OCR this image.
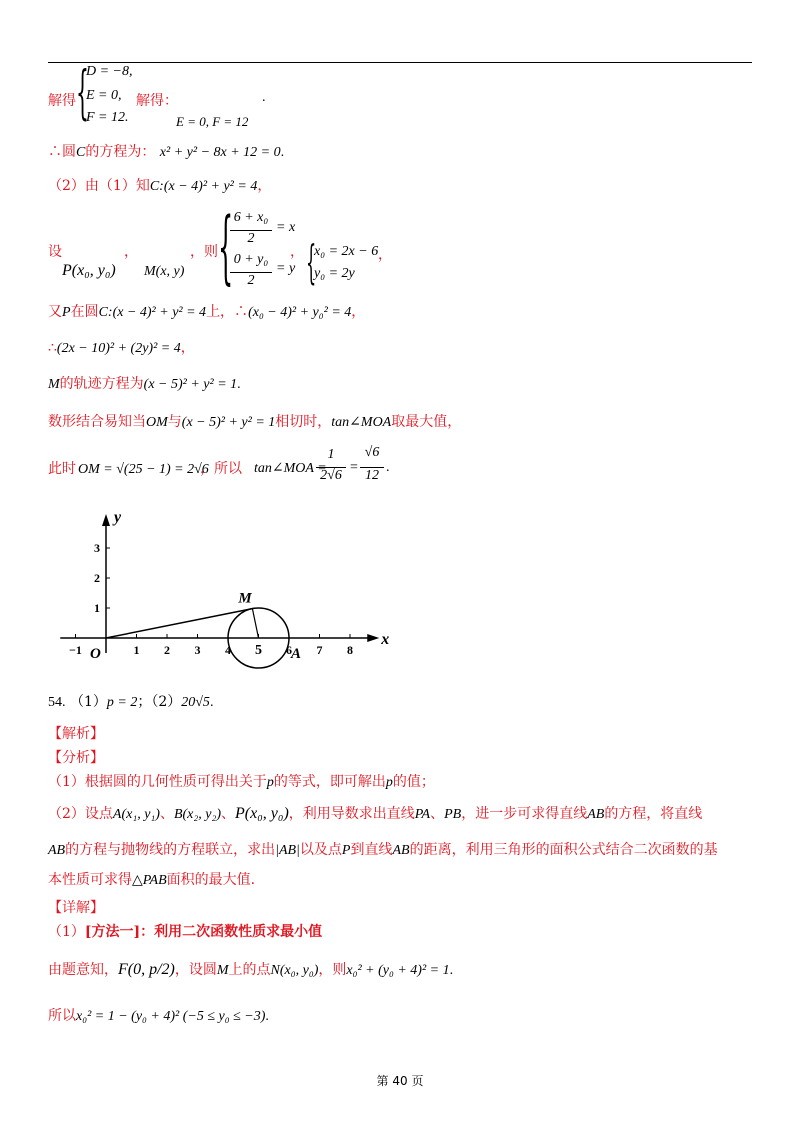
解得 {
D = −8,
E = 0,
F = 12.
解得：	.
E = 0, F = 12
∴圆C的方程为： x² + y² − 8x + 12 = 0.
（2）由（1）知C:(x − 4)² + y² = 4，
设	，	，则
P(x₀, y₀) M(x, y) { 6 + x₀
2
= x
0 + y₀
2
= y
， {
x₀ = 2x − 6
y₀ = 2y
，
又P在圆C:(x − 4)² + y² = 4上，∴(x₀ − 4)² + y₀² = 4，
∴(2x − 10)² + (2y)² = 4，
M的轨迹方程为(x − 5)² + y² = 1.
数形结合易知当OM与(x − 5)² + y² = 1相切时，tan∠MOA取最大值，
此时 OM = √(25 − 1) = 2√6
，所以 tan∠MOA =
1
2√6
=
√6
12
.
−1	1 2 3 4 5 6 7 8
1
2
3
x
y
O
M
A
54. （1）p = 2；（2）20√5.
【解析】
【分析】
（1）根据圆的几何性质可得出关于p的等式，即可解出p的值；
（2）设点A(x₁, y₁)、B(x₂, y₂)、P(x₀, y₀)，利用导数求出直线PA、PB，进一步可求得直线AB的方程，将直线
AB的方程与抛物线的方程联立，求出|AB|以及点P到直线AB的距离，利用三角形的面积公式结合二次函数的基
本性质可求得△PAB面积的最大值.
【详解】
（1）[方法一]：利用二次函数性质求最小值
由题意知，F(0, p/2)，设圆M上的点N(x₀, y₀)，则x₀² + (y₀ + 4)² = 1.
所以x₀² = 1 − (y₀ + 4)² (−5 ≤ y₀ ≤ −3).
第 40 页
